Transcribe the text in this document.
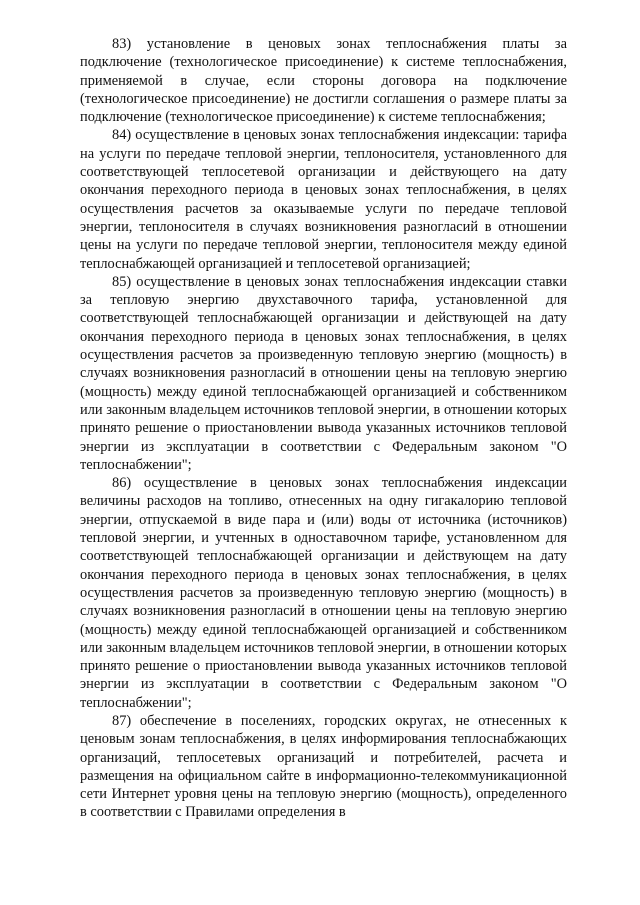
83) установление в ценовых зонах теплоснабжения платы за подключение (технологическое присоединение) к системе теплоснабжения, применяемой в случае, если стороны договора на подключение (технологическое присоединение) не достигли соглашения о размере платы за подключение (технологическое присоединение) к системе теплоснабжения;

84) осуществление в ценовых зонах теплоснабжения индексации: тарифа на услуги по передаче тепловой энергии, теплоносителя, установленного для соответствующей теплосетевой организации и действующего на дату окончания переходного периода в ценовых зонах теплоснабжения, в целях осуществления расчетов за оказываемые услуги по передаче тепловой энергии, теплоносителя в случаях возникновения разногласий в отношении цены на услуги по передаче тепловой энергии, теплоносителя между единой теплоснабжающей организацией и теплосетевой организацией;

85) осуществление в ценовых зонах теплоснабжения индексации ставки за тепловую энергию двухставочного тарифа, установленной для соответствующей теплоснабжающей организации и действующей на дату окончания переходного периода в ценовых зонах теплоснабжения, в целях осуществления расчетов за произведенную тепловую энергию (мощность) в случаях возникновения разногласий в отношении цены на тепловую энергию (мощность) между единой теплоснабжающей организацией и собственником или законным владельцем источников тепловой энергии, в отношении которых принято решение о приостановлении вывода указанных источников тепловой энергии из эксплуатации в соответствии с Федеральным законом "О теплоснабжении";

86) осуществление в ценовых зонах теплоснабжения индексации величины расходов на топливо, отнесенных на одну гигакалорию тепловой энергии, отпускаемой в виде пара и (или) воды от источника (источников) тепловой энергии, и учтенных в одноставочном тарифе, установленном для соответствующей теплоснабжающей организации и действующем на дату окончания переходного периода в ценовых зонах теплоснабжения, в целях осуществления расчетов за произведенную тепловую энергию (мощность) в случаях возникновения разногласий в отношении цены на тепловую энергию (мощность) между единой теплоснабжающей организацией и собственником или законным владельцем источников тепловой энергии, в отношении которых принято решение о приостановлении вывода указанных источников тепловой энергии из эксплуатации в соответствии с Федеральным законом "О теплоснабжении";

87) обеспечение в поселениях, городских округах, не отнесенных к ценовым зонам теплоснабжения, в целях информирования теплоснабжающих организаций, теплосетевых организаций и потребителей, расчета и размещения на официальном сайте в информационно-телекоммуникационной сети Интернет уровня цены на тепловую энергию (мощность), определенного в соответствии с Правилами определения в
